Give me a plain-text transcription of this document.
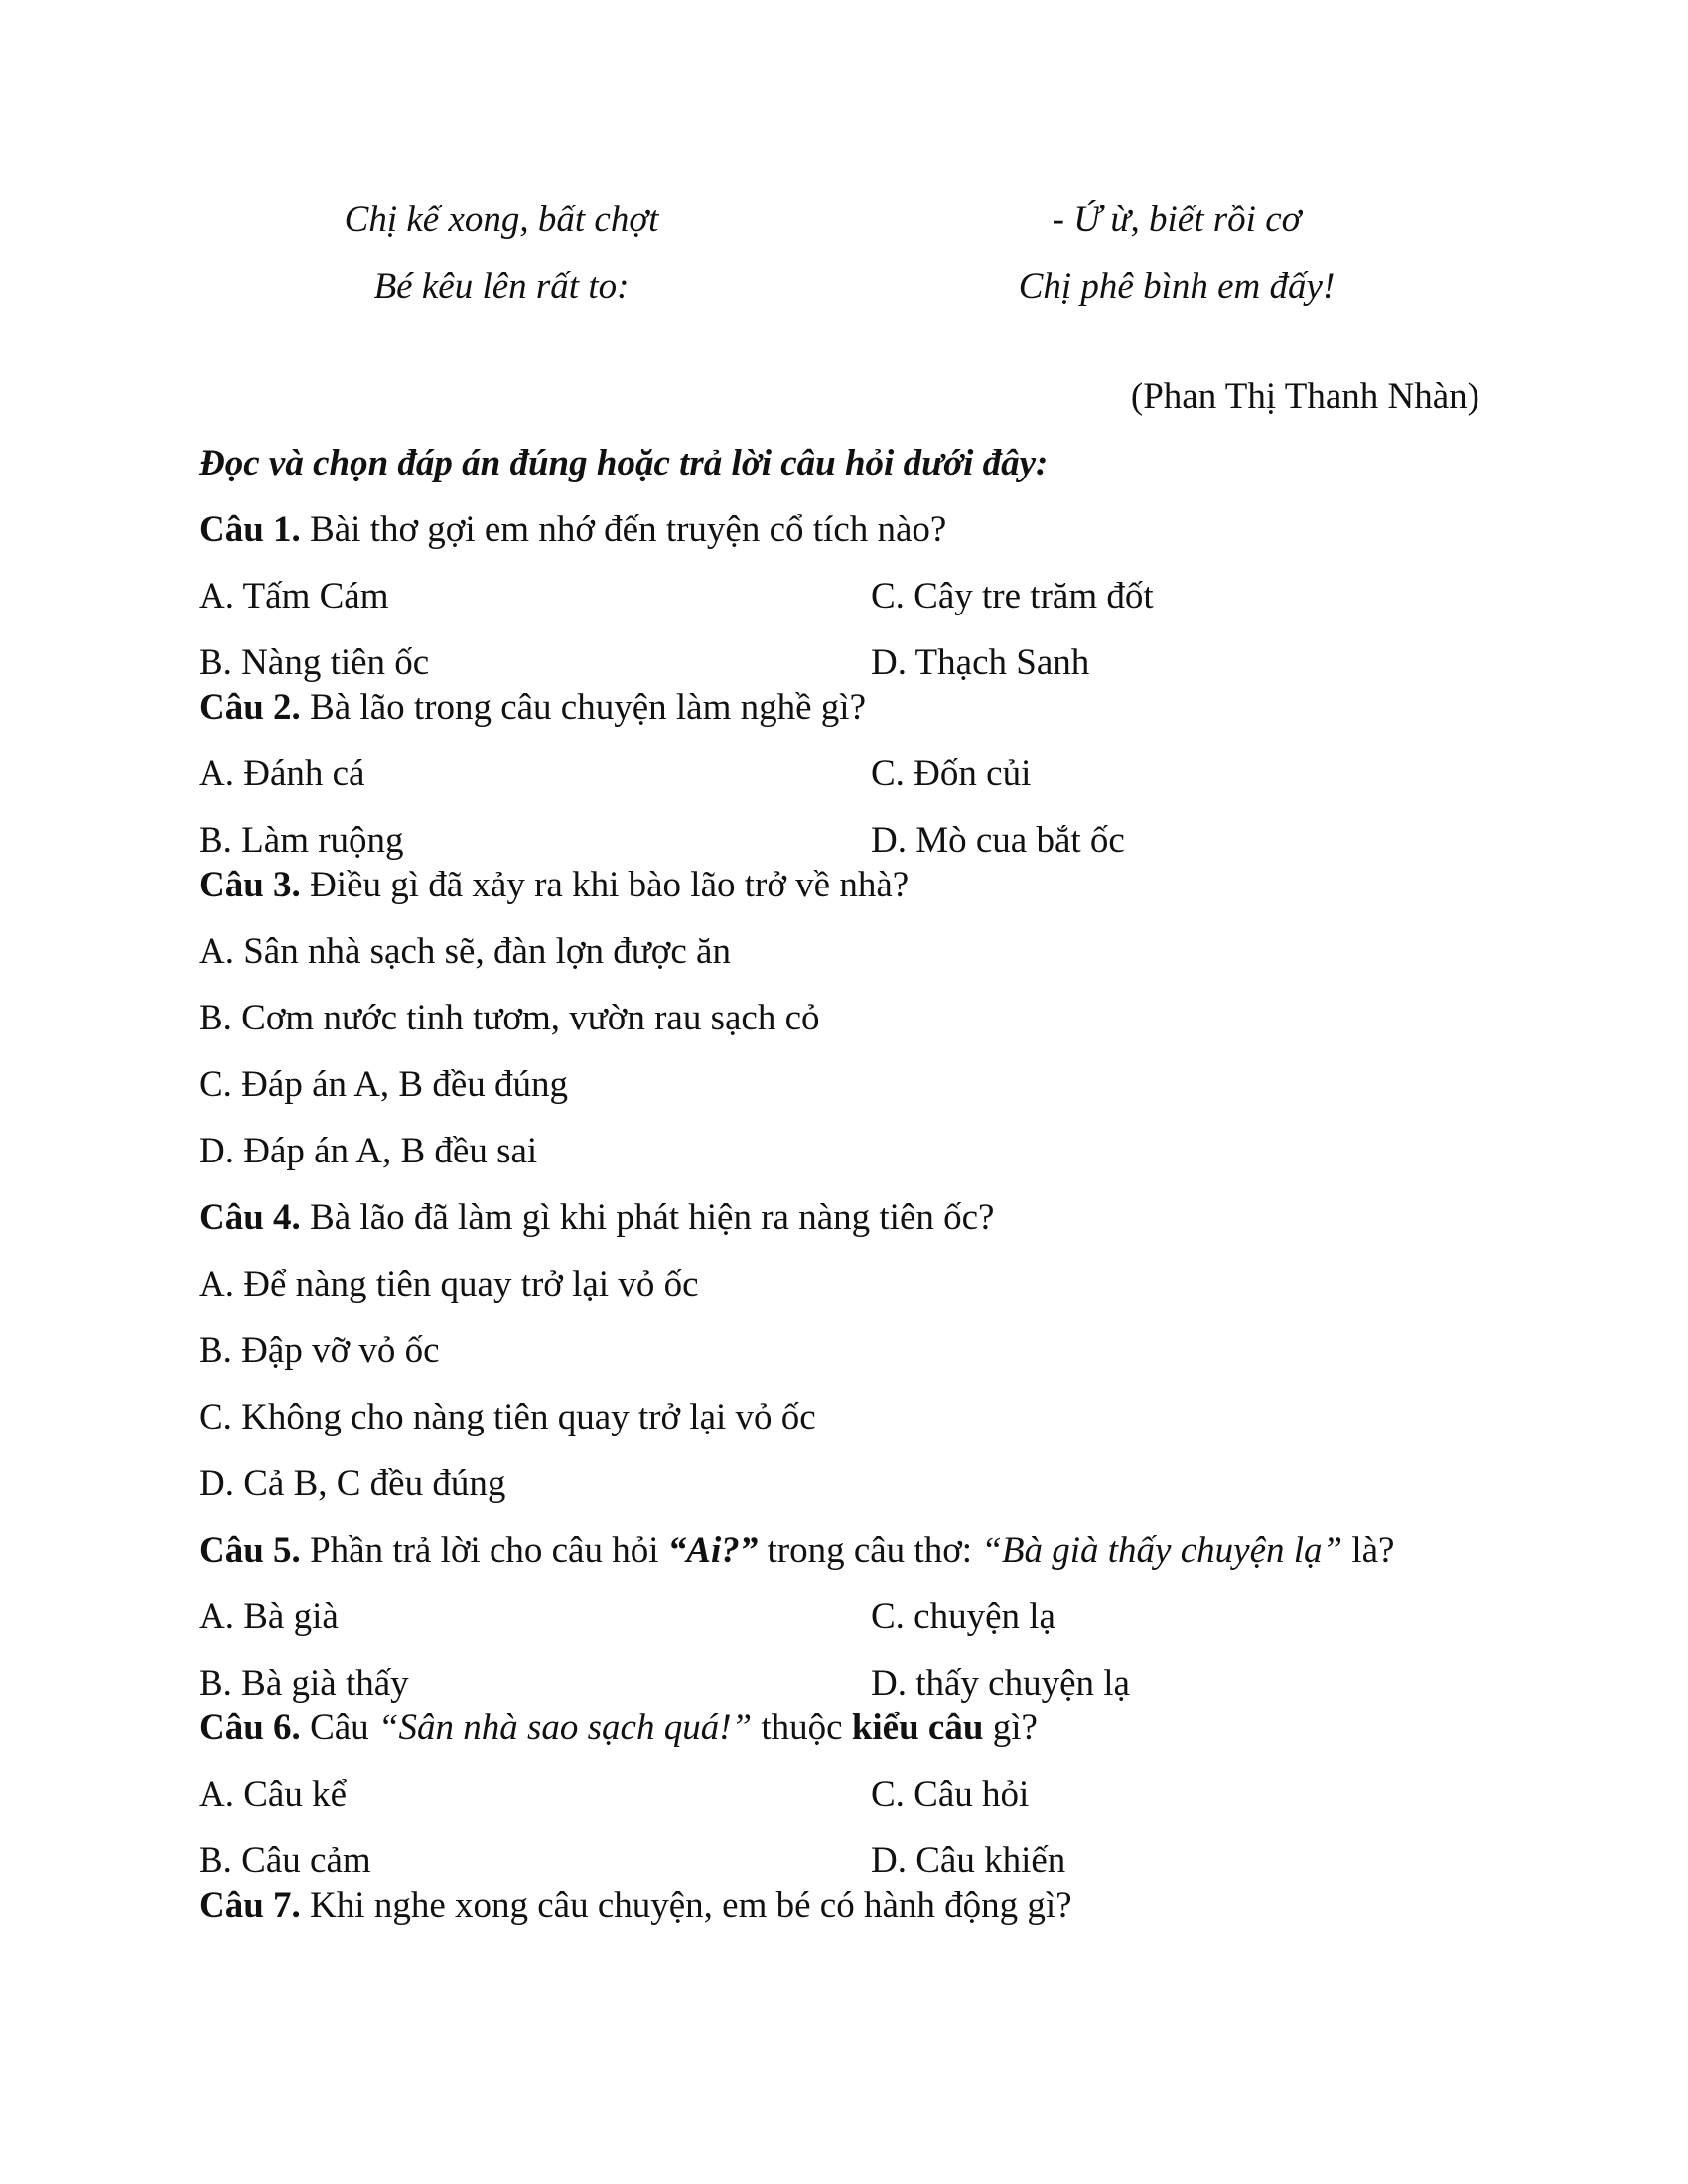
Chị kể xong, bất chợt
Bé kêu lên rất to:
- Ứ ừ, biết rồi cơ
Chị phê bình em đấy!
(Phan Thị Thanh Nhàn)
Đọc và chọn đáp án đúng hoặc trả lời câu hỏi dưới đây:
Câu 1. Bài thơ gợi em nhớ đến truyện cổ tích nào?
A. Tấm Cám	C. Cây tre trăm đốt
B. Nàng tiên ốc	D. Thạch Sanh
Câu 2. Bà lão trong câu chuyện làm nghề gì?
A. Đánh cá	C. Đốn củi
B. Làm ruộng	D. Mò cua bắt ốc
Câu 3. Điều gì đã xảy ra khi bào lão trở về nhà?
A. Sân nhà sạch sẽ, đàn lợn được ăn
B. Cơm nước tinh tươm, vườn rau sạch cỏ
C. Đáp án A, B đều đúng
D. Đáp án A, B đều sai
Câu 4. Bà lão đã làm gì khi phát hiện ra nàng tiên ốc?
A. Để nàng tiên quay trở lại vỏ ốc
B. Đập vỡ vỏ ốc
C. Không cho nàng tiên quay trở lại vỏ ốc
D. Cả B, C đều đúng
Câu 5. Phần trả lời cho câu hỏi “Ai?” trong câu thơ: “Bà già thấy chuyện lạ” là?
A. Bà già	C. chuyện lạ
B. Bà già thấy	D. thấy chuyện lạ
Câu 6. Câu “Sân nhà sao sạch quá!” thuộc kiểu câu gì?
A. Câu kể	C. Câu hỏi
B. Câu cảm	D. Câu khiến
Câu 7. Khi nghe xong câu chuyện, em bé có hành động gì?
